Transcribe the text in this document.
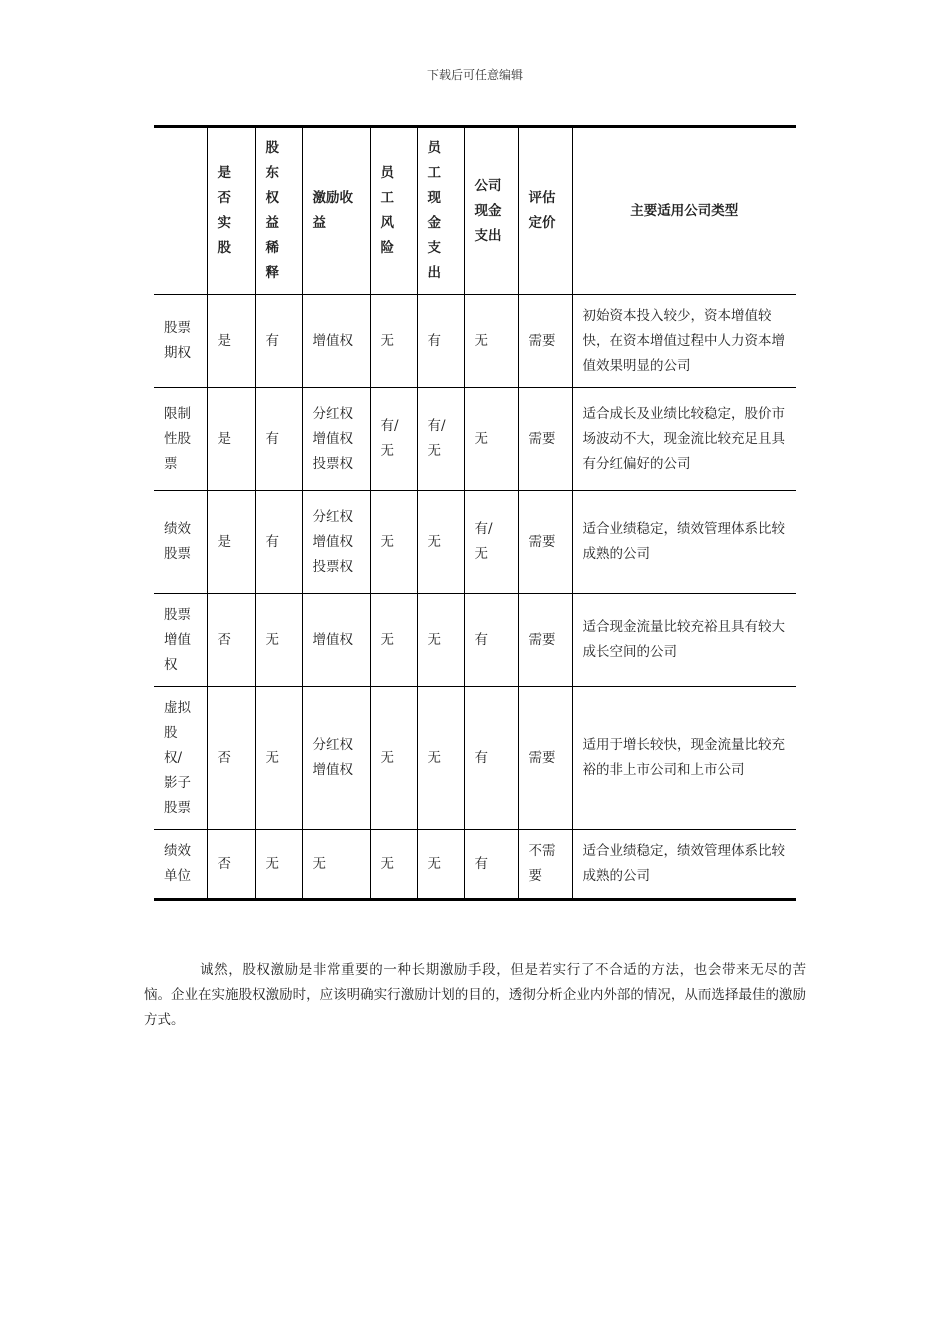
下载后可任意编辑
	是否实股	股东权益稀释	激励收益	员工风险	员工现金支出	公司现金支出	评估定价	主要适用公司类型
股票期权	是	有	增值权	无	有	无	需要	初始资本投入较少，资本增值较快，在资本增值过程中人力资本增值效果明显的公司
限制性股票	是	有	分红权增值权投票权	有/无	有/无	无	需要	适合成长及业绩比较稳定，股价市场波动不大，现金流比较充足且具有分红偏好的公司
绩效股票	是	有	分红权增值权投票权	无	无	有/无	需要	适合业绩稳定，绩效管理体系比较成熟的公司
股票增值权	否	无	增值权	无	无	有	需要	适合现金流量比较充裕且具有较大成长空间的公司
虚拟股权/影子股票	否	无	分红权增值权	无	无	有	需要	适用于增长较快，现金流量比较充裕的非上市公司和上市公司
绩效单位	否	无	无	无	无	有	不需要	适合业绩稳定，绩效管理体系比较成熟的公司
诚然，股权激励是非常重要的一种长期激励手段，但是若实行了不合适的方法，也会带来无尽的苦恼。企业在实施股权激励时，应该明确实行激励计划的目的，透彻分析企业内外部的情况，从而选择最佳的激励方式。
